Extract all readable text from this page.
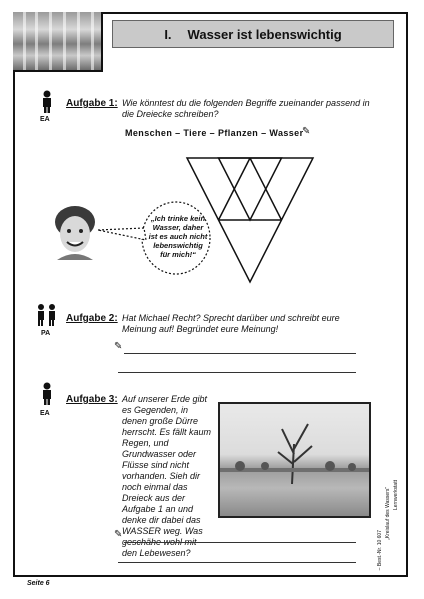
I. Wasser ist lebenswichtig
EA
Aufgabe 1: Wie könntest du die folgenden Begriffe zueinander passend in die Dreiecke schreiben?
Menschen – Tiere – Pflanzen – Wasser
✎
„Ich trinke kein Wasser, daher ist es auch nicht lebenswichtig für mich!“
PA
Aufgabe 2: Hat Michael Recht? Sprecht darüber und schreibt eure Meinung auf! Begründet eure Meinung!
✎
EA
Aufgabe 3: Auf unserer Erde gibt es Gegenden, in denen große Dürre herrscht. Es fällt kaum Regen, und Grundwasser oder Flüsse sind nicht vorhanden. Sieh dir noch einmal das Dreieck aus der Aufgabe 1 an und denke dir dabei das WASSER weg. Was geschähe wohl mit den Lebewesen?
✎	– Best.-Nr. 10 607
„Kreislauf des Wassers“ Lernwerkstatt
Seite 6
